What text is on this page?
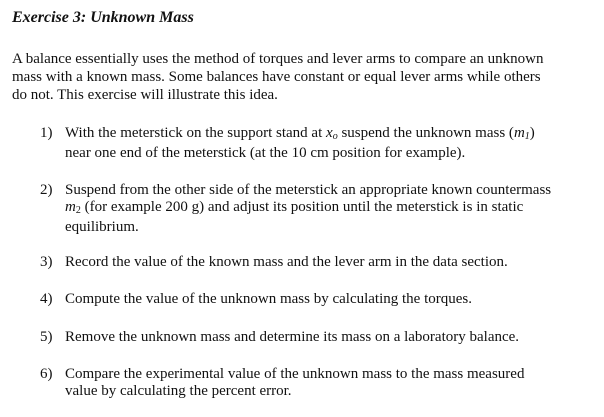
Exercise 3: Unknown Mass
A balance essentially uses the method of torques and lever arms to compare an unknown
mass with a known mass. Some balances have constant or equal lever arms while others
do not. This exercise will illustrate this idea.
1) With the meterstick on the support stand at $x_o$ suspend the unknown mass $(m_1)$
near one end of the meterstick (at the 10 cm position for example).
2) Suspend from the other side of the meterstick an appropriate known countermass
$m_2$ (for example 200 g) and adjust its position until the meterstick is in static
equilibrium.
3) Record the value of the known mass and the lever arm in the data section.
4) Compute the value of the unknown mass by calculating the torques.
5) Remove the unknown mass and determine its mass on a laboratory balance.
6) Compare the experimental value of the unknown mass to the mass measured
value by calculating the percent error.
